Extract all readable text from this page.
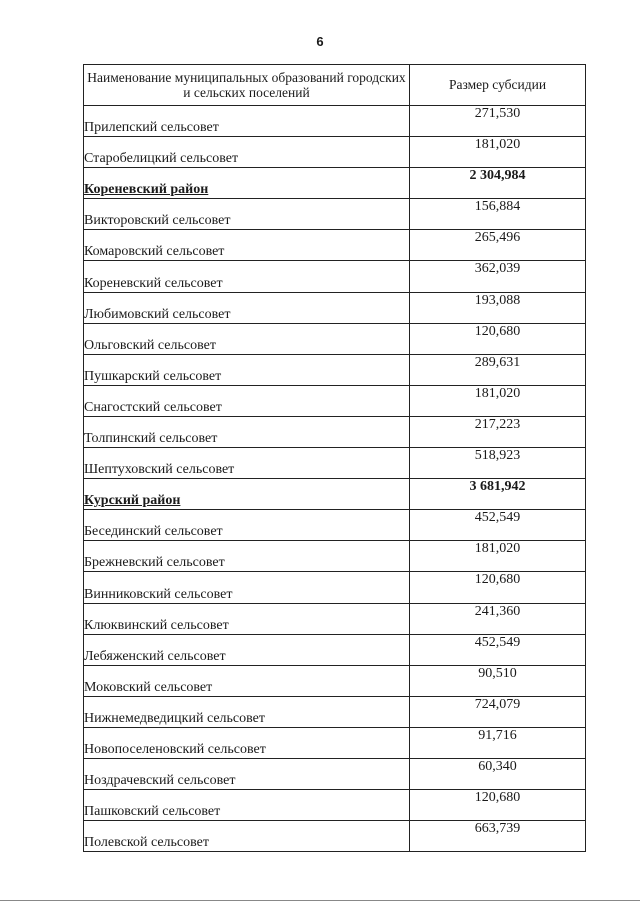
6
Наименование муниципальных образований городских и сельских поселений	Размер субсидии
Прилепский сельсовет	271,530
Старобелицкий сельсовет	181,020
Кореневский район	2 304,984
Викторовский сельсовет	156,884
Комаровский сельсовет	265,496
Кореневский сельсовет	362,039
Любимовский сельсовет	193,088
Ольговский сельсовет	120,680
Пушкарский сельсовет	289,631
Снагостский сельсовет	181,020
Толпинский сельсовет	217,223
Шептуховский сельсовет	518,923
Курский район	3 681,942
Бесединский сельсовет	452,549
Брежневский сельсовет	181,020
Винниковский сельсовет	120,680
Клюквинский сельсовет	241,360
Лебяженский сельсовет	452,549
Моковский сельсовет	90,510
Нижнемедведицкий сельсовет	724,079
Новопоселеновский сельсовет	91,716
Ноздрачевский сельсовет	60,340
Пашковский сельсовет	120,680
Полевской сельсовет	663,739
